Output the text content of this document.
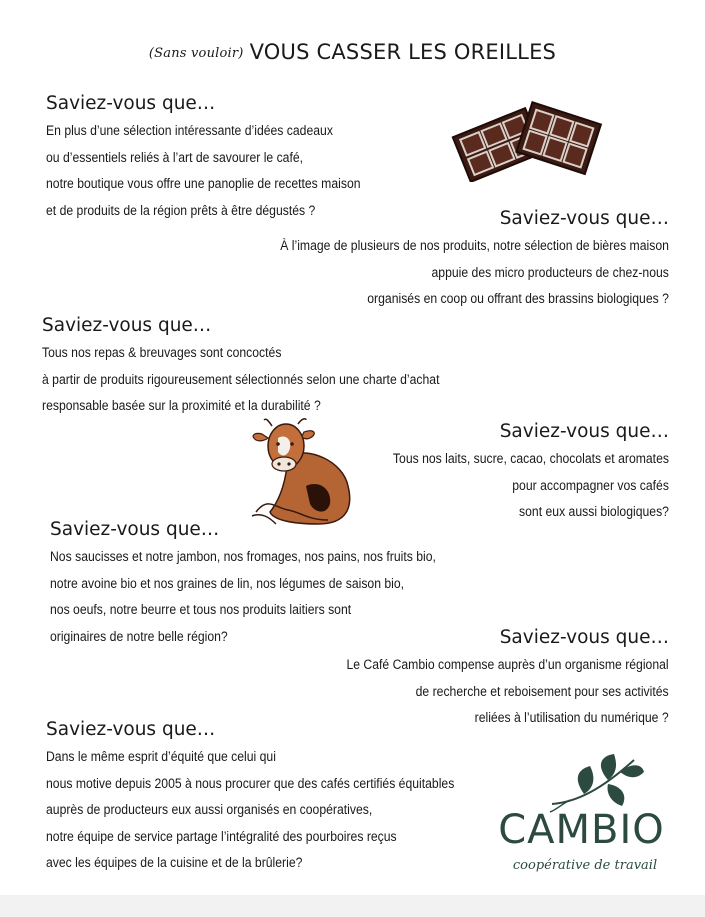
(Sans vouloir) VOUS CASSER LES OREILLES
Saviez-vous que…

En plus d’une sélection intéressante d’idées cadeaux
ou d’essentiels reliés à l’art de savourer le café,
notre boutique vous offre une panoplie de recettes maison
et de produits de la région prêts à être dégustés ?	Saviez-vous que…

À l’image de plusieurs de nos produits, notre sélection de bières maison
appuie des micro producteurs de chez-nous
organisés en coop ou offrant des brassins biologiques ?

Saviez-vous que…

Tous nos repas & breuvages sont concoctés
à partir de produits rigoureusement sélectionnés selon une charte d’achat
responsable basée sur la proximité et la durabilité ?

Saviez-vous que…

Tous nos laits, sucre, cacao, chocolats et aromates
pour accompagner vos cafés
sont eux aussi biologiques?

Saviez-vous que…

Nos saucisses et notre jambon, nos fromages, nos pains, nos fruits bio,
notre avoine bio et nos graines de lin, nos légumes de saison bio,
nos oeufs, notre beurre et tous nos produits laitiers sont
originaires de notre belle région?	Saviez-vous que…

Le Café Cambio compense auprès d’un organisme régional
de recherche et reboisement pour ses activités
reliées à l’utilisation du numérique ?

Saviez-vous que…

Dans le même esprit d’équité que celui qui
nous motive depuis 2005 à nous procurer que des cafés certifiés équitables
auprès de producteurs eux aussi organisés en coopératives,
notre équipe de service partage l’intégralité des pourboires reçus
avec les équipes de la cuisine et de la brûlerie?

CAMBIO
coopérative de travail
